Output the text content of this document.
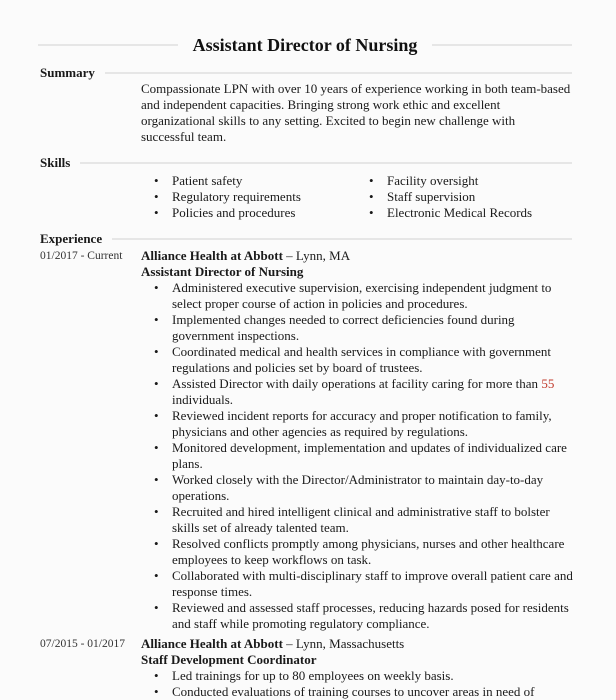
Assistant Director of Nursing
Summary

Compassionate LPN with over 10 years of experience working in both team-based and independent capacities. Bringing strong work ethic and excellent organizational skills to any setting. Excited to begin new challenge with successful team.

Skills
• Patient safety
• Regulatory requirements
• Policies and procedures
• Facility oversight
• Staff supervision
• Electronic Medical Records
Experience
01/2017 - Current Alliance Health at Abbott – Lynn, MA
Assistant Director of Nursing
• Administered executive supervision, exercising independent judgment to select proper course of action in policies and procedures.
• Implemented changes needed to correct deficiencies found during government inspections.
• Coordinated medical and health services in compliance with government regulations and policies set by board of trustees.
• Assisted Director with daily operations at facility caring for more than 55 individuals.
• Reviewed incident reports for accuracy and proper notification to family, physicians and other agencies as required by regulations.
• Monitored development, implementation and updates of individualized care plans.
• Worked closely with the Director/Administrator to maintain day-to-day operations.
• Recruited and hired intelligent clinical and administrative staff to bolster skills set of already talented team.
• Resolved conflicts promptly among physicians, nurses and other healthcare employees to keep workflows on task.
• Collaborated with multi-disciplinary staff to improve overall patient care and response times.
• Reviewed and assessed staff processes, reducing hazards posed for residents and staff while promoting regulatory compliance.
07/2015 - 01/2017 Alliance Health at Abbott – Lynn, Massachusetts
Staff Development Coordinator
• Led trainings for up to 80 employees on weekly basis.
• Conducted evaluations of training courses to uncover areas in need of
